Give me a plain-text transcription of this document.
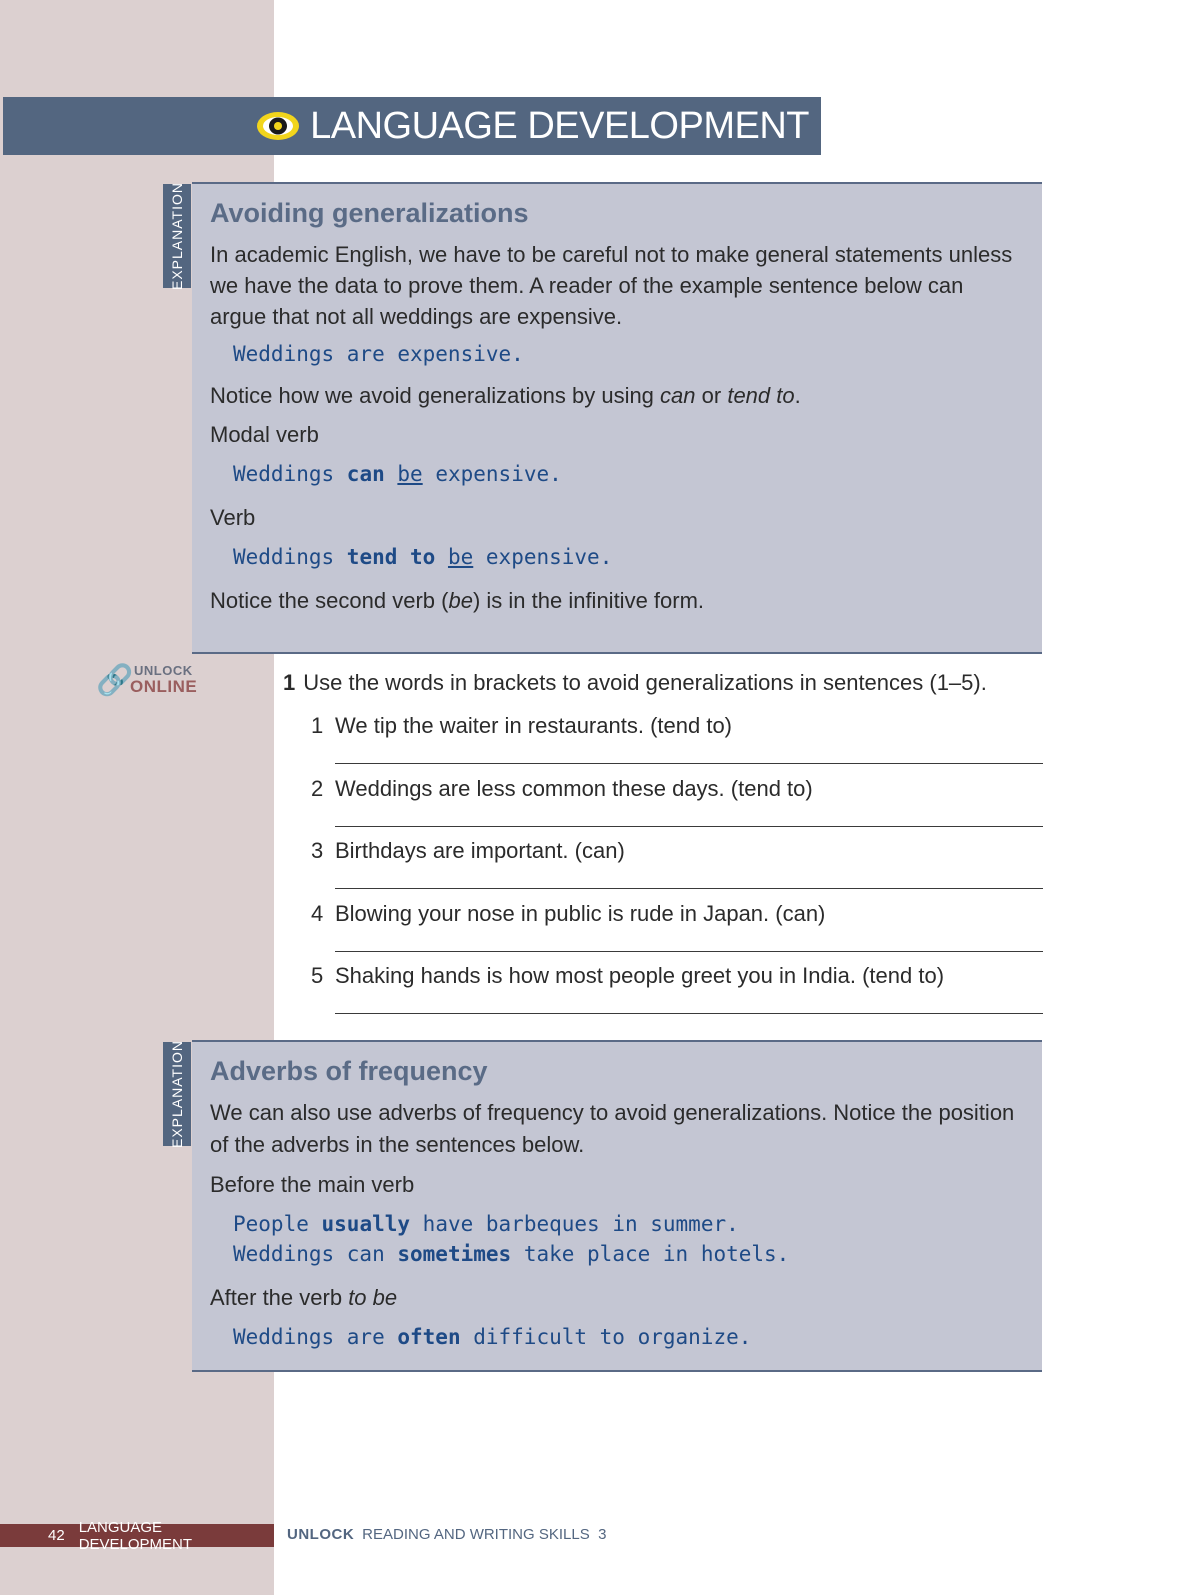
LANGUAGE DEVELOPMENT
EXPLANATION Avoiding generalizations

In academic English, we have to be careful not to make general statements unless we have the data to prove them. A reader of the example sentence below can argue that not all weddings are expensive.

Weddings are expensive.

Notice how we avoid generalizations by using can or tend to.

Modal verb

Weddings can be expensive.

Verb

Weddings tend to be expensive.

Notice the second verb (be) is in the infinitive form.

🔗 UNLOCK
ONLINE	1 Use the words in brackets to avoid generalizations in sentences (1–5).

1 We tip the waiter in restaurants. (tend to)
2 Weddings are less common these days. (tend to)
3 Birthdays are important. (can)
4 Blowing your nose in public is rude in Japan. (can)
5 Shaking hands is how most people greet you in India. (tend to)
EXPLANATION Adverbs of frequency

We can also use adverbs of frequency to avoid generalizations. Notice the position of the adverbs in the sentences below.

Before the main verb

People usually have barbeques in summer.

Weddings can sometimes take place in hotels.

After the verb to be

Weddings are often difficult to organize.

42 LANGUAGE DEVELOPMENT
UNLOCK READING AND WRITING SKILLS 3
